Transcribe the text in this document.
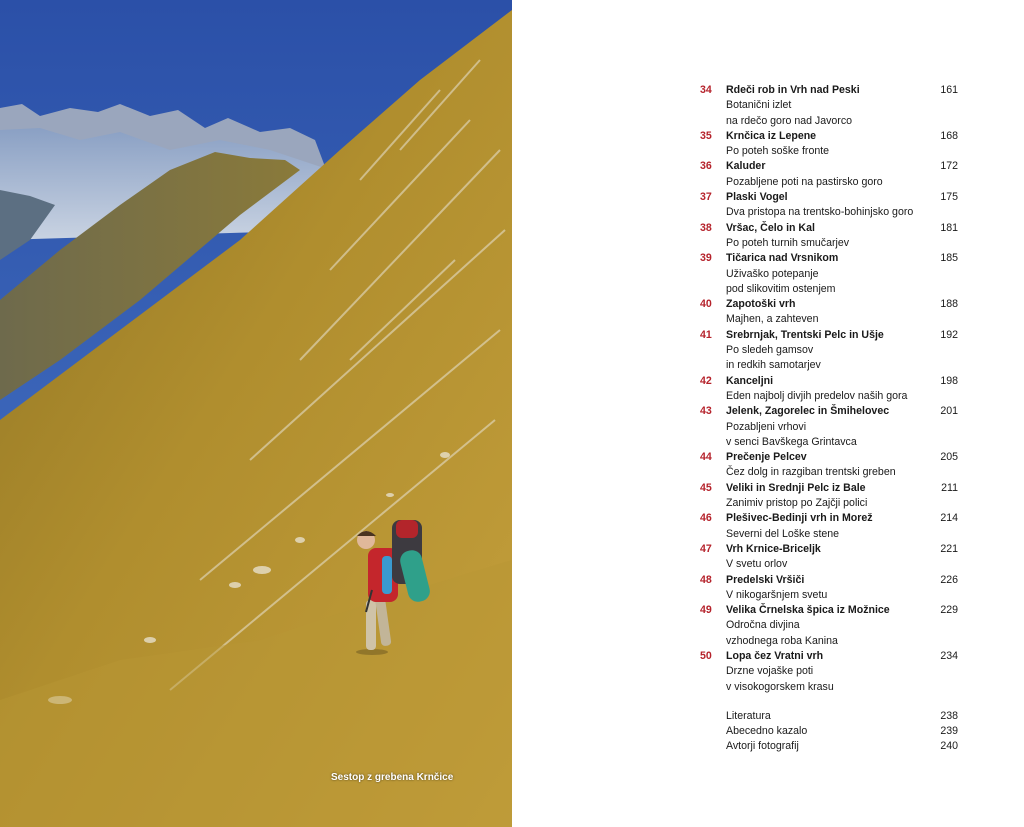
Sestop z grebena Krnčice
34	Rdeči rob in Vrh nad Peski	161
Botanični izlet
na rdečo goro nad Javorco
35	Krnčica iz Lepene	168
Po poteh soške fronte
36	Kaluder	172
Pozabljene poti na pastirsko goro
37	Plaski Vogel	175
Dva pristopa na trentsko-bohinjsko goro
38	Vršac, Čelo in Kal	181
Po poteh turnih smučarjev
39	Tičarica nad Vrsnikom	185
Uživaško potepanje
pod slikovitim ostenjem
40	Zapotoški vrh	188
Majhen, a zahteven
41	Srebrnjak, Trentski Pelc in Ušje	192
Po sledeh gamsov
in redkih samotarjev
42	Kanceljni	198
Eden najbolj divjih predelov naših gora
43	Jelenk, Zagorelec in Šmihelovec	201
Pozabljeni vrhovi
v senci Bavškega Grintavca
44	Prečenje Pelcev	205
Čez dolg in razgiban trentski greben
45	Veliki in Srednji Pelc iz Bale	211
Zanimiv pristop po Zajčji polici
46	Plešivec-Bedinji vrh in Morež	214
Severni del Loške stene
47	Vrh Krnice-Briceljk	221
V svetu orlov
48	Predelski Vršiči	226
V nikogaršnjem svetu
49	Velika Črnelska špica iz Možnice	229
Odročna divjina
vzhodnega roba Kanina
50	Lopa čez Vratni vrh	234
Drzne vojaške poti
v visokogorskem krasu
Literatura	238
Abecedno kazalo	239
Avtorji fotografij	240
